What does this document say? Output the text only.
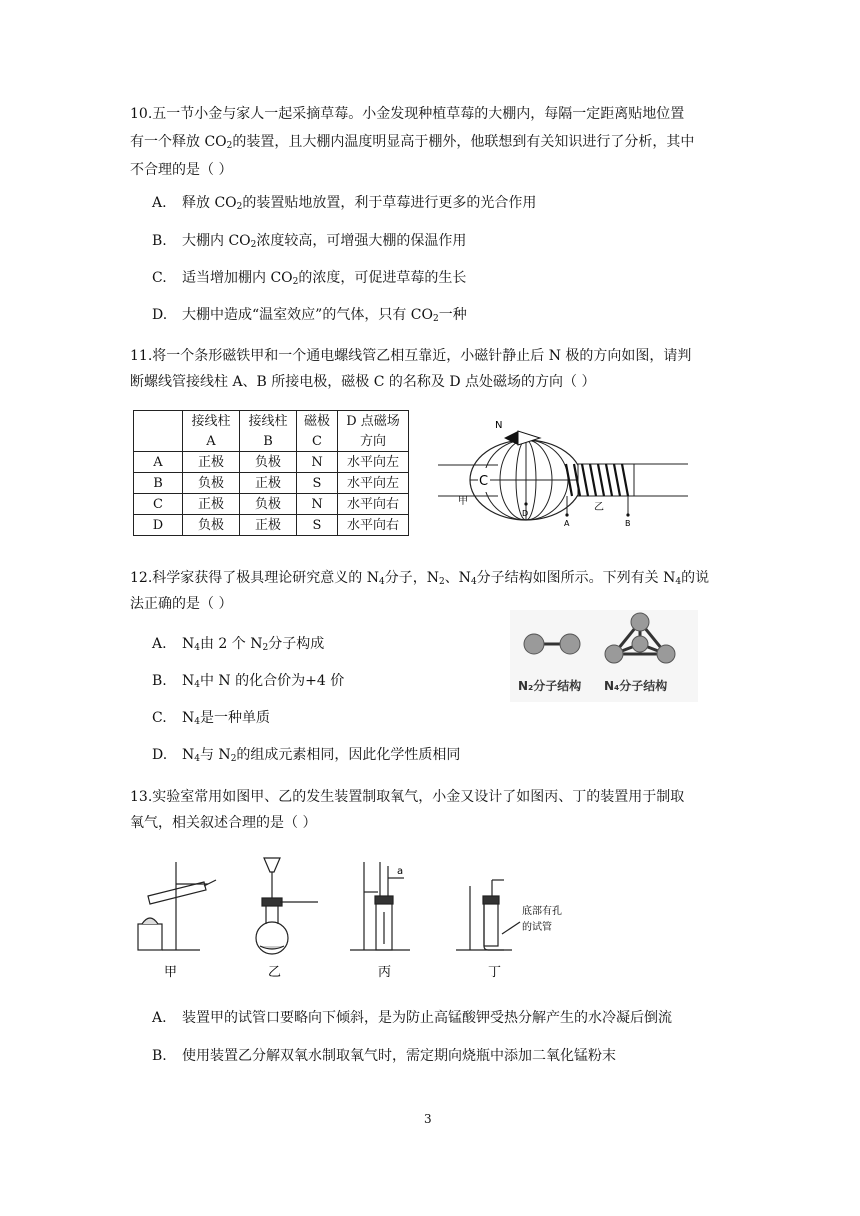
10.五一节小金与家人一起采摘草莓。小金发现种植草莓的大棚内，每隔一定距离贴地位置
有一个释放 $CO_2$的装置，且大棚内温度明显高于棚外，他联想到有关知识进行了分析，其中
不合理的是（ ）
A. 释放 $CO_2$的装置贴地放置，利于草莓进行更多的光合作用
B. 大棚内 $CO_2$浓度较高，可增强大棚的保温作用
C. 适当增加棚内 $CO_2$的浓度，可促进草莓的生长
D. 大棚中造成“温室效应”的气体，只有 $CO_2$一种
11.将一个条形磁铁甲和一个通电螺线管乙相互靠近，小磁针静止后 N 极的方向如图，请判
断螺线管接线柱 A、B 所接电极，磁极 C 的名称及 D 点处磁场的方向（ ）
	接线柱	接线柱	磁极	D 点磁场
	A	B	C	方向
A	正极	负极	N	水平向左
B	负极	正极	S	水平向左
C	正极	负极	N	水平向右
D	负极	正极	S	水平向右
C
N
甲
D
乙
A	B
12.科学家获得了极具理论研究意义的 $N_4$分子，$N_2$、$N_4$分子结构如图所示。下列有关 $N_4$的说
法正确的是（ ）
A. $N_4$由 2 个 $N_2$分子构成
B. $N_4$中 N 的化合价为+4 价
C. $N_4$是一种单质
D. $N_4$与 $N_2$的组成元素相同，因此化学性质相同
N₂分子结构 N₄分子结构
13.实验室常用如图甲、乙的发生装置制取氧气，小金又设计了如图丙、丁的装置用于制取
氧气，相关叙述合理的是（ ）
a
底部有孔
的试管
甲	乙	丙	丁
A. 装置甲的试管口要略向下倾斜，是为防止高锰酸钾受热分解产生的水冷凝后倒流
B. 使用装置乙分解双氧水制取氧气时，需定期向烧瓶中添加二氧化锰粉末
3
